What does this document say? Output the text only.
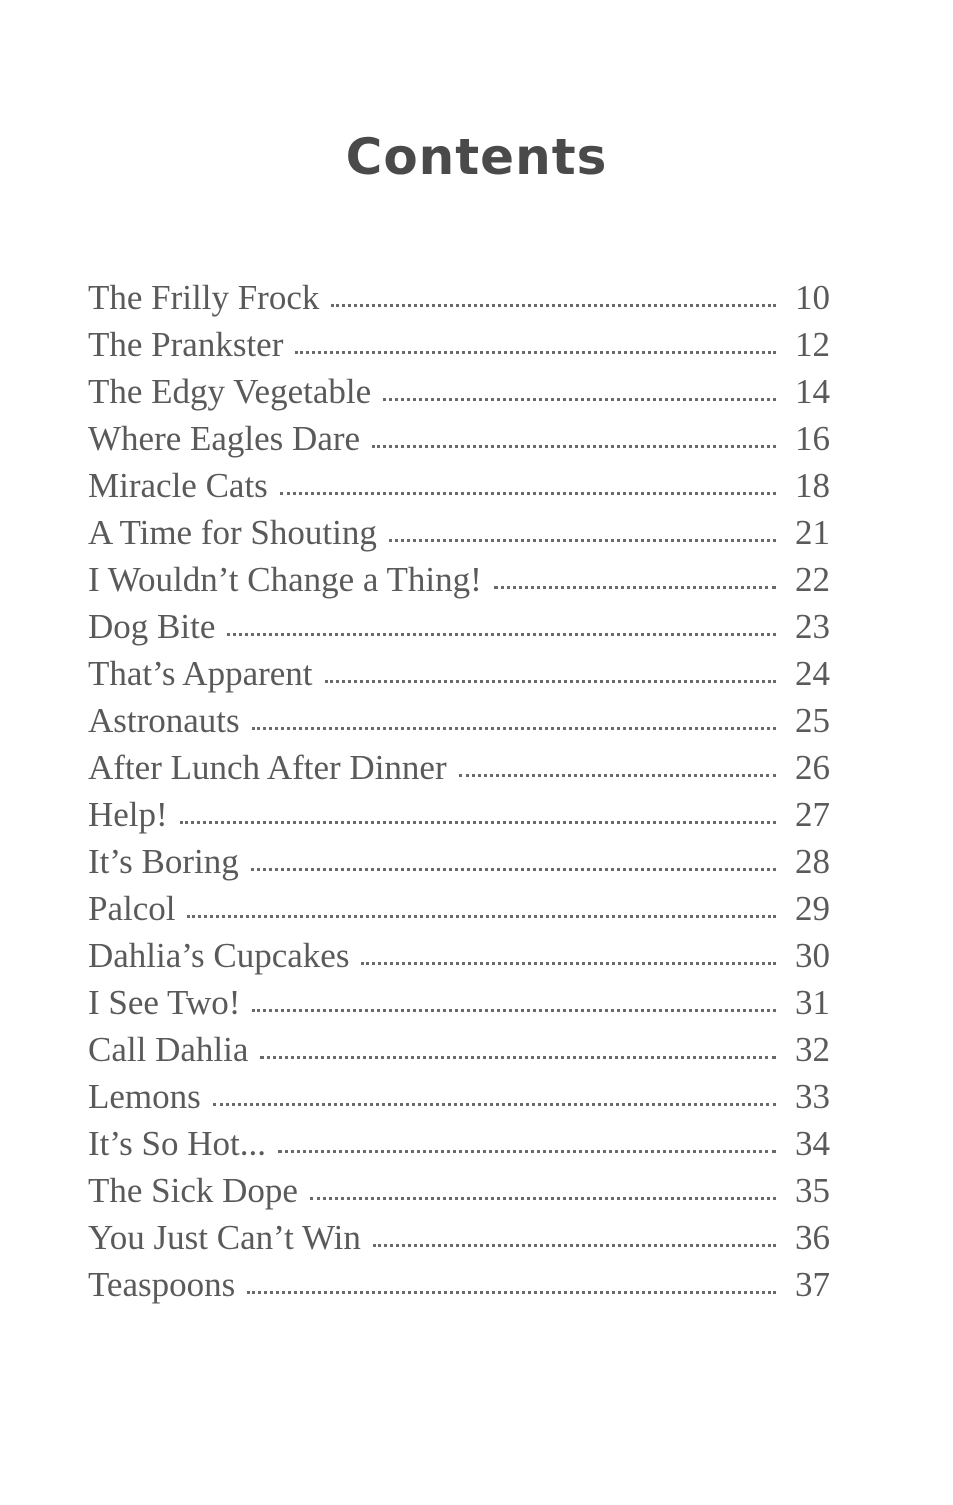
Contents
The Frilly Frock	10
The Prankster	12
The Edgy Vegetable	14
Where Eagles Dare	16
Miracle Cats	18
A Time for Shouting	21
I Wouldn’t Change a Thing!	22
Dog Bite	23
That’s Apparent	24
Astronauts	25
After Lunch After Dinner	26
Help!	27
It’s Boring	28
Palcol	29
Dahlia’s Cupcakes	30
I See Two!	31
Call Dahlia	32
Lemons	33
It’s So Hot...	34
The Sick Dope	35
You Just Can’t Win	36
Teaspoons	37
